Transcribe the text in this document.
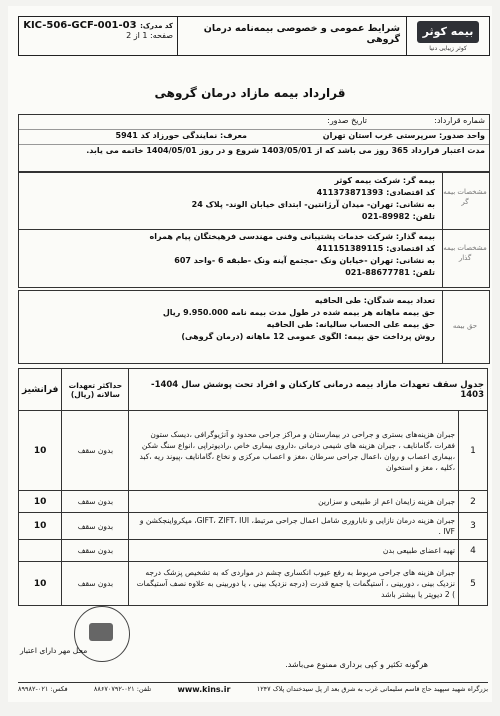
بیمه کوثر
کوثر زیبایی دنیا
شرایط عمومی و خصوصی بیمه‌نامه درمان گروهی
کد مدرک: KIC-506-GCF-001-03
صفحه: 1 از 2
قرارداد بیمه مازاد درمان گروهی
شماره قرارداد:
تاریخ صدور:
واحد صدور: سرپرستی غرب استان تهران
معرف: نمایندگی حورزاد کد 5941
مدت اعتبار قرارداد 365 روز می باشد که از 1403/05/01 شروع و در روز 1404/05/01 خاتمه می یابد.
مشخصات بیمه گر
بیمه گر: شرکت بیمه کوثر
کد اقتصادی: 411373871393
به نشانی: تهران- میدان آرژانتین- ابتدای خیابان الوند- پلاک 24
تلفن: 89982-021
مشخصات بیمه گذار
بیمه گذار: شرکت خدمات پشتیبانی وفنی مهندسی فرهیختگان پیام همراه
کد اقتصادی: 411151389115
به نشانی: تهران -خیابان ونک -مجتمع آینه ونک -طبقه 6 -واحد 607
تلفن: 88677781-021
حق بیمه
تعداد بیمه شدگان: طی الحاقیه
حق بیمه ماهانه هر بیمه شده در طول مدت بیمه نامه 9.950.000 ریال
حق بیمه علی الحساب سالیانه: طی الحاقیه
روش پرداخت حق بیمه: الگوی عمومی 12 ماهانه (درمان گروهی)
جدول سقف تعهدات مازاد بیمه درمانی کارکنان و افراد تحت پوشش سال 1404-1403		حداکثر تعهدات سالانه (ریال)	فرانشیز
1	جبران هزینه‌های بستری و جراحی در بیمارستان و مراکز جراحی محدود و آنژیوگرافی ،دیسک ستون فقرات ،گامانایف ، جبران هزینه های شیمی درمانی ،داروی بیماری خاص ،رادیوتراپی ،انواع سنگ شکن ،بیماری اعصاب و روان ،اعمال جراحی سرطان ،مغز و اعصاب مرکزی و نخاع ،گامانایف ،پیوند ریه ،کبد ،کلیه ، مغز و استخوان	بدون سقف	10
2	جبران هزینه زایمان اعم از طبیعی و سزارین	بدون سقف	10
3	جبران هزینه درمان نازایی و ناباروری شامل اعمال جراحی مرتبط، GIFT، ZIFT، IUI، میکرواینجکشن و IVF .	بدون سقف	10
4	تهیه اعضای طبیعی بدن	بدون سقف	
5	جبران هزینه های جراحی مربوط به رفع عیوب انکساری چشم در مواردی که به تشخیص پزشک درجه نزدیک بینی ، دوربینی ، آستیگمات یا جمع قدرت (درجه نزدیک بینی ، یا دوربینی به علاوه نصف آستیگمات ) 2 دیوپتر یا بیشتر باشد	بدون سقف	10
محل مهر دارای اعتبار
هرگونه تکثیر و کپی برداری ممنوع می‌باشد.
بزرگراه شهید سپهبد حاج قاسم سلیمانی غرب به شرق بعد از پل سیدخندان پلاک ۱۲۴۷
www.kins.ir
تلفن: ۰۲۱-۸۸۶۷۰۷۹۲
فکس: ۰۲۱-۸۹۹۸۲
